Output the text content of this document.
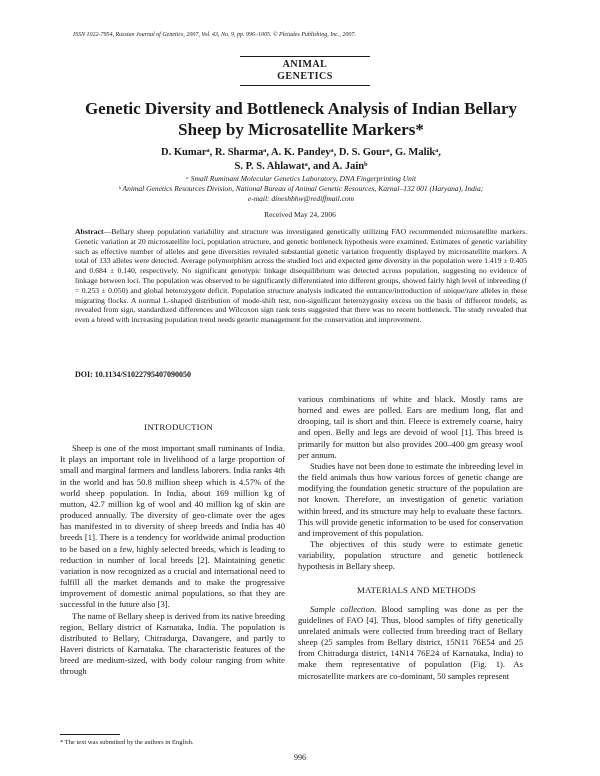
ISSN 1022-7954, Russian Journal of Genetics, 2007, Vol. 43, No. 9, pp. 996–1005. © Pleiades Publishing, Inc., 2007.
ANIMAL
GENETICS
Genetic Diversity and Bottleneck Analysis of Indian Bellary
Sheep by Microsatellite Markers*
D. Kumarᵃ, R. Sharmaᵃ, A. K. Pandeyᵃ, D. S. Gourᵃ, G. Malikᵃ,
S. P. S. Ahlawatᵃ, and A. Jainᵇ
ᵃ Small Ruminant Molecular Genetics Laboratory, DNA Fingerprinting Unit
ᵇ Animal Genetics Resources Division, National Bureau of Animal Genetic Resources, Karnal–132 001 (Haryana), India;
e-mail: dineshbhw@rediffmail.com
Received May 24, 2006
Abstract—Bellary sheep population variability and structure was investigated genetically utilizing FAO recommended microsatellite markers. Genetic variation at 20 microsatellite loci, population structure, and genetic bottleneck hypothesis were examined. Estimates of genetic variability such as effective number of alleles and gene diversities revealed substantial genetic variation frequently displayed by microsatellite markers. A total of 133 alleles were detected. Average polymorphism across the studied loci and expected gene diversity in the population were 1.419 ± 0.405 and 0.684 ± 0.140, respectively. No significant genotypic linkage disequilibrium was detected across population, suggesting no evidence of linkage between loci. The population was observed to be significantly differentiated into different groups, showed fairly high level of inbreeding (f = 0.253 ± 0.050) and global heterozygote deficit. Population structure analysis indicated the entrance/introduction of unique/rare alleles in these migrating flocks. A normal L-shaped distribution of mode-shift test, non-significant heterozygosity excess on the basis of different models, as revealed from sign, standardized differences and Wilcoxon sign rank tests suggested that there was no recent bottleneck. The study revealed that even a breed with increasing population trend needs genetic management for the conservation and improvement.
DOI: 10.1134/S1022795407090050

INTRODUCTION

Sheep is one of the most important small ruminants of India. It plays an important role in livelihood of a large proportion of small and marginal farmers and landless laborers. India ranks 4th in the world and has 50.8 million sheep which is 4.57% of the world sheep population. In India, about 169 million kg of mutton, 42.7 million kg of wool and 40 million kg of skin are produced annually. The diversity of geo-climate over the ages has manifested in to diversity of sheep breeds and India has 40 breeds [1]. There is a tendency for worldwide animal production to be based on a few, highly selected breeds, which is leading to reduction in number of local breeds [2]. Maintaining genetic variation is now recognized as a crucial and international need to fulfill all the market demands and to make the progressive improvement of domestic animal populations, so that they are successful in the future also [3].

The name of Bellary sheep is derived from its native breeding region, Bellary district of Karnataka, India. The population is distributed to Bellary, Chitradurga, Davangere, and partly to Haveri districts of Karnataka. The characteristic features of the breed are medium-sized, with body colour ranging from white through

various combinations of white and black. Mostly rams are horned and ewes are polled. Ears are medium long, flat and drooping, tail is short and thin. Fleece is extremely coarse, hairy and open. Belly and legs are devoid of wool [1]. This breed is primarily for mutton but also provides 200–400 gm greasy wool per annum.

Studies have not been done to estimate the inbreeding level in the field animals thus how various forces of genetic change are modifying the foundation genetic structure of the population are not known. Therefore, an investigation of genetic variation within breed, and its structure may help to evaluate these factors. This will provide genetic information to be used for conservation and improvement of this population.

The objectives of this study were to estimate genetic variability, population structure and genetic bottleneck hypothesis in Bellary sheep.

MATERIALS AND METHODS

Sample collection. Blood sampling was done as per the guidelines of FAO [4]. Thus, blood samples of fifty genetically unrelated animals were collected from breeding tract of Bellary sheep (25 samples from Bellary district, 15N11 76E54 and 25 from Chitradurga district, 14N14 76E24 of Karnataka, India) to make them representative of population (Fig. 1). As microsatellite markers are co-dominant, 50 samples represent

* The text was submitted by the authors in English.
996
